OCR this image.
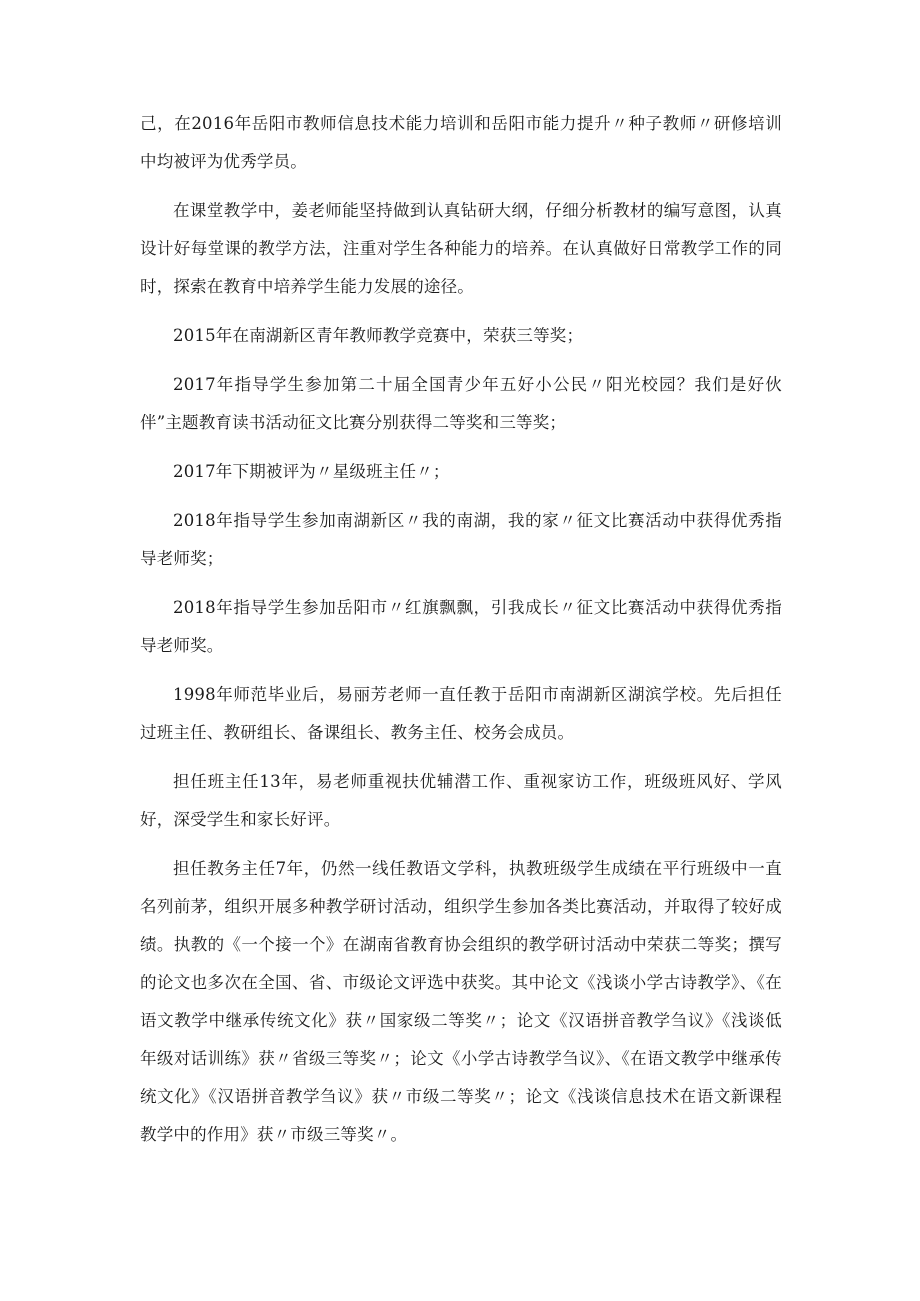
己，在2016年岳阳市教师信息技术能力培训和岳阳市能力提升〃种子教师〃研修培训中均被评为优秀学员。

在课堂教学中，姜老师能坚持做到认真钻研大纲，仔细分析教材的编写意图，认真设计好每堂课的教学方法，注重对学生各种能力的培养。在认真做好日常教学工作的同时，探索在教育中培养学生能力发展的途径。

2015年在南湖新区青年教师教学竞赛中，荣获三等奖；

2017年指导学生参加第二十届全国青少年五好小公民〃阳光校园？我们是好伙伴”主题教育读书活动征文比赛分别获得二等奖和三等奖；

2017年下期被评为〃星级班主任〃；

2018年指导学生参加南湖新区〃我的南湖，我的家〃征文比赛活动中获得优秀指导老师奖；

2018年指导学生参加岳阳市〃红旗飘飘，引我成长〃征文比赛活动中获得优秀指导老师奖。

1998年师范毕业后，易丽芳老师一直任教于岳阳市南湖新区湖滨学校。先后担任过班主任、教研组长、备课组长、教务主任、校务会成员。

担任班主任13年，易老师重视扶优辅潜工作、重视家访工作，班级班风好、学风好，深受学生和家长好评。

担任教务主任7年，仍然一线任教语文学科，执教班级学生成绩在平行班级中一直名列前茅，组织开展多种教学研讨活动，组织学生参加各类比赛活动，并取得了较好成绩。执教的《一个接一个》在湖南省教育协会组织的教学研讨活动中荣获二等奖；撰写的论文也多次在全国、省、市级论文评选中获奖。其中论文《浅谈小学古诗教学》、《在语文教学中继承传统文化》获〃国家级二等奖〃；论文《汉语拼音教学刍议》《浅谈低年级对话训练》获〃省级三等奖〃；论文《小学古诗教学刍议》、《在语文教学中继承传统文化》《汉语拼音教学刍议》获〃市级二等奖〃；论文《浅谈信息技术在语文新课程教学中的作用》获〃市级三等奖〃。
